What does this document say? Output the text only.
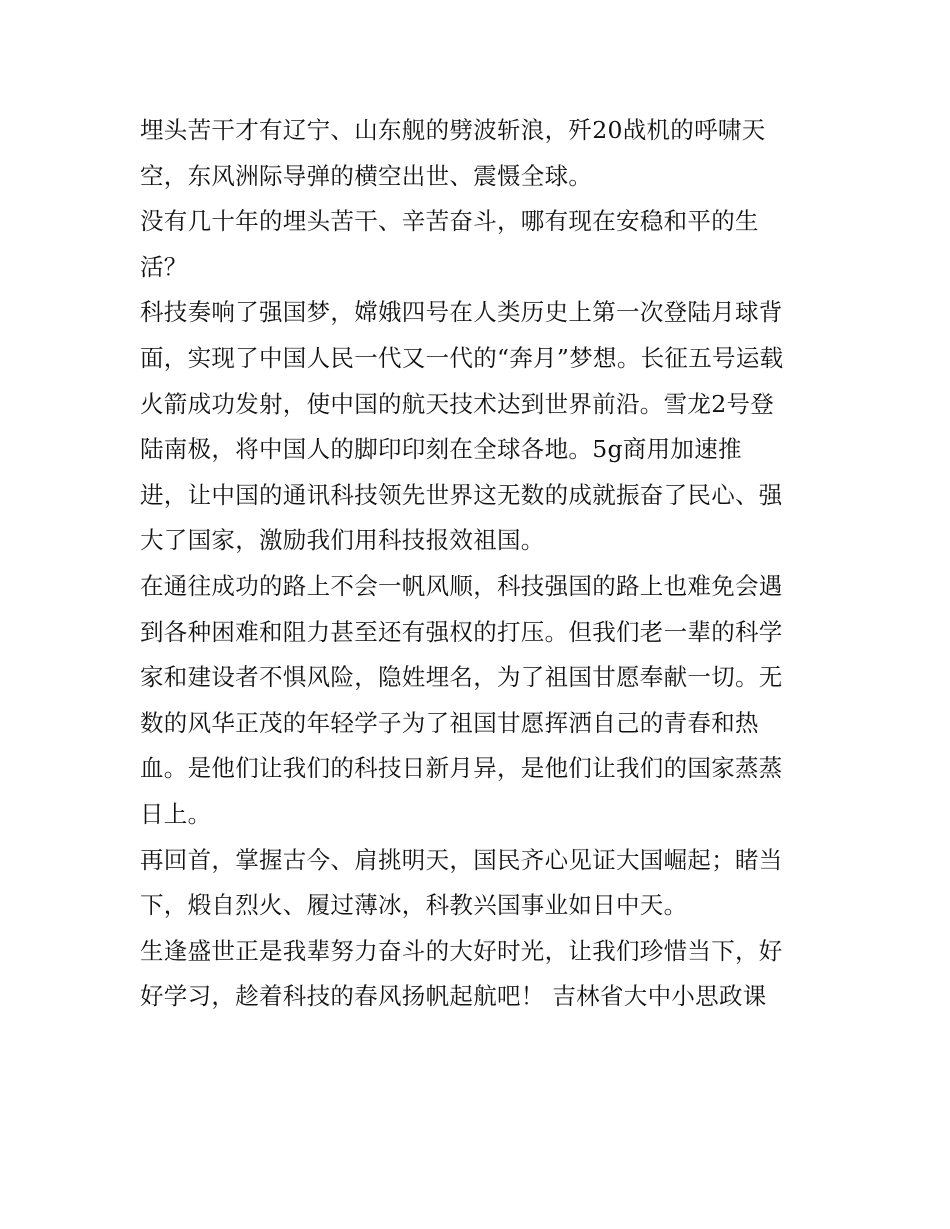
埋头苦干才有辽宁、山东舰的劈波斩浪，歼20战机的呼啸天
空，东风洲际导弹的横空出世、震慑全球。

没有几十年的埋头苦干、辛苦奋斗，哪有现在安稳和平的生
活？

科技奏响了强国梦，嫦娥四号在人类历史上第一次登陆月球背
面，实现了中国人民一代又一代的“奔月”梦想。长征五号运载
火箭成功发射，使中国的航天技术达到世界前沿。雪龙2号登
陆南极，将中国人的脚印印刻在全球各地。5g商用加速推
进，让中国的通讯科技领先世界这无数的成就振奋了民心、强
大了国家，激励我们用科技报效祖国。

在通往成功的路上不会一帆风顺，科技强国的路上也难免会遇
到各种困难和阻力甚至还有强权的打压。但我们老一辈的科学
家和建设者不惧风险，隐姓埋名，为了祖国甘愿奉献一切。无
数的风华正茂的年轻学子为了祖国甘愿挥洒自己的青春和热
血。是他们让我们的科技日新月异，是他们让我们的国家蒸蒸
日上。

再回首，掌握古今、肩挑明天，国民齐心见证大国崛起；睹当
下，煅自烈火、履过薄冰，科教兴国事业如日中天。

生逢盛世正是我辈努力奋斗的大好时光，让我们珍惜当下，好
好学习，趁着科技的春风扬帆起航吧！ 吉林省大中小思政课
